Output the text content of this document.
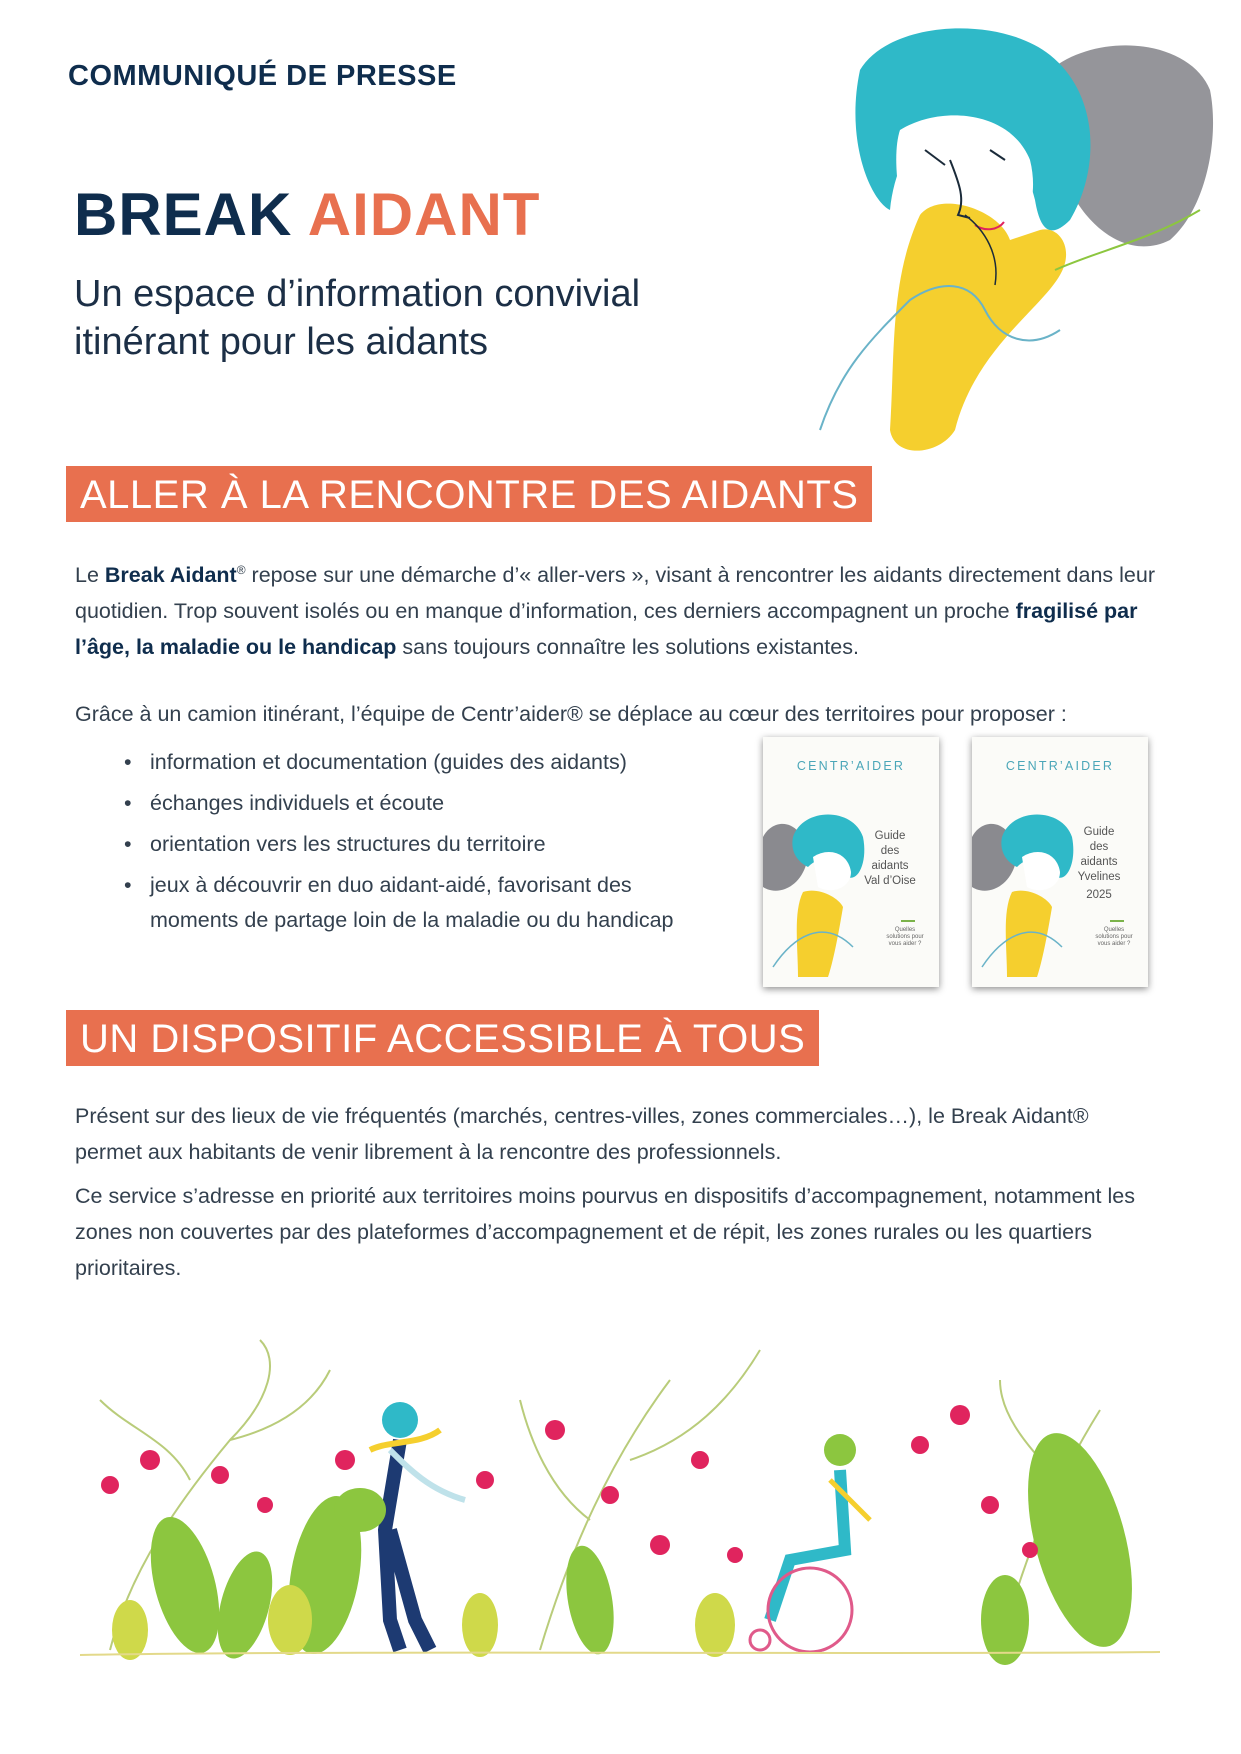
COMMUNIQUÉ DE PRESSE
BREAK AIDANT
Un espace d’information convivial itinérant pour les aidants
ALLER À LA RENCONTRE DES AIDANTS
Le Break Aidant® repose sur une démarche d’« aller-vers », visant à rencontrer les aidants directement dans leur quotidien. Trop souvent isolés ou en manque d’information, ces derniers accompagnent un proche fragilisé par l’âge, la maladie ou le handicap sans toujours connaître les solutions existantes.
Grâce à un camion itinérant, l’équipe de Centr’aider® se déplace au cœur des territoires pour proposer :
• information et documentation (guides des aidants)
• échanges individuels et écoute
• orientation vers les structures du territoire
• jeux à découvrir en duo aidant-aidé, favorisant des moments de partage loin de la maladie ou du handicap
CENTR’AIDER
Guide
des
aidants
Val d’Oise
Quelles solutions pour vous aider ?
CENTR’AIDER
Guide
des
aidants
Yvelines
2025
Quelles solutions pour vous aider ?
UN DISPOSITIF ACCESSIBLE À TOUS
Présent sur des lieux de vie fréquentés (marchés, centres-villes, zones commerciales…), le Break Aidant® permet aux habitants de venir librement à la rencontre des professionnels.
Ce service s’adresse en priorité aux territoires moins pourvus en dispositifs d’accompagnement, notamment les zones non couvertes par des plateformes d’accompagnement et de répit, les zones rurales ou les quartiers prioritaires.
